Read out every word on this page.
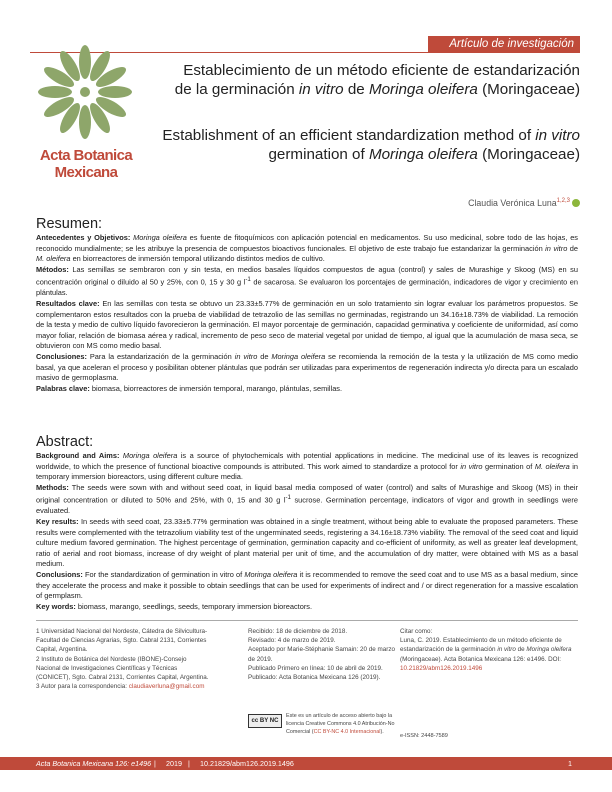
Artículo de investigación
Acta Botanica
Mexicana
Establecimiento de un método eficiente de estandarización de la germinación in vitro de Moringa oleifera (Moringaceae)
Establishment of an efficient standardization method of in vitro germination of Moringa oleifera (Moringaceae)
Claudia Verónica Luna$^{1,2,3}$
Resumen:

Antecedentes y Objetivos: Moringa oleifera es fuente de fitoquímicos con aplicación potencial en medicamentos. Su uso medicinal, sobre todo de las hojas, es reconocido mundialmente; se les atribuye la presencia de compuestos bioactivos funcionales. El objetivo de este trabajo fue estandarizar la germinación in vitro de M. oleifera en biorreactores de inmersión temporal utilizando distintos medios de cultivo.

Métodos: Las semillas se sembraron con y sin testa, en medios basales líquidos compuestos de agua (control) y sales de Murashige y Skoog (MS) en su concentración original o diluido al 50 y 25%, con 0, 15 y 30 g $l^{-1}$ de sacarosa. Se evaluaron los porcentajes de germinación, indicadores de vigor y crecimiento en plántulas.

Resultados clave: En las semillas con testa se obtuvo un 23.33±5.77% de germinación en un solo tratamiento sin lograr evaluar los parámetros propuestos. Se complementaron estos resultados con la prueba de viabilidad de tetrazolio de las semillas no germinadas, registrando un 34.16±18.73% de viabilidad. La remoción de la testa y medio de cultivo líquido favorecieron la germinación. El mayor porcentaje de germinación, capacidad germinativa y coeficiente de uniformidad, así como mayor foliar, relación de biomasa aérea y radical, incremento de peso seco de material vegetal por unidad de tiempo, al igual que la acumulación de masa seca, se obtuvieron con MS como medio basal.

Conclusiones: Para la estandarización de la germinación in vitro de Moringa oleifera se recomienda la remoción de la testa y la utilización de MS como medio basal, ya que aceleran el proceso y posibilitan obtener plántulas que podrán ser utilizadas para experimentos de regeneración indirecta y/o directa para un escalado masivo de germoplasma.

Palabras clave: biomasa, biorreactores de inmersión temporal, marango, plántulas, semillas.

Abstract:

Background and Aims: Moringa oleifera is a source of phytochemicals with potential applications in medicine. The medicinal use of its leaves is recognized worldwide, to which the presence of functional bioactive compounds is attributed. This work aimed to standardize a protocol for in vitro germination of M. oleifera in temporary immersion bioreactors, using different culture media.

Methods: The seeds were sown with and without seed coat, in liquid basal media composed of water (control) and salts of Murashige and Skoog (MS) in their original concentration or diluted to 50% and 25%, with 0, 15 and 30 g $l^{-1}$ sucrose. Germination percentage, indicators of vigor and growth in seedlings were evaluated.

Key results: In seeds with seed coat, 23.33±5.77% germination was obtained in a single treatment, without being able to evaluate the proposed parameters. These results were complemented with the tetrazolium viability test of the ungerminated seeds, registering a 34.16±18.73% viability. The removal of the seed coat and liquid culture medium favored germination. The highest percentage of germination, germination capacity and co-efficient of uniformity, as well as greater leaf development, ratio of aerial and root biomass, increase of dry weight of plant material per unit of time, and the accumulation of dry matter, were obtained with MS as a basal medium.

Conclusions: For the standardization of germination in vitro of Moringa oleifera it is recommended to remove the seed coat and to use MS as a basal medium, since they accelerate the process and make it possible to obtain seedlings that can be used for experiments of indirect and / or direct regeneration for a massive escalation of germplasm.

Key words: biomass, marango, seedlings, seeds, temporary immersion bioreactors.

1 Universidad Nacional del Nordeste, Cátedra de Silvicultura-Facultad de Ciencias Agrarias, Sgto. Cabral 2131, Corrientes Capital, Argentina.

2 Instituto de Botánica del Nordeste (IBONE)-Consejo Nacional de Investigaciones Científicas y Técnicas (CONICET), Sgto. Cabral 2131, Corrientes Capital, Argentina.

3 Autor para la correspondencia: claudiaverluna@gmail.com

Recibido: 18 de diciembre de 2018.

Revisado: 4 de marzo de 2019.

Aceptado por Marie-Stéphanie Samain: 20 de marzo de 2019.

Publicado Primero en línea: 10 de abril de 2019.

Publicado: Acta Botanica Mexicana 126 (2019).

Citar como:

Luna, C. 2019. Establecimiento de un método eficiente de estandarización de la germinación in vitro de Moringa oleifera (Moringaceae). Acta Botanica Mexicana 126: e1496. DOI: 10.21829/abm126.2019.1496

cc BY NC
Este es un artículo de acceso abierto bajo la licencia Creative Commons 4.0 Atribución-No Comercial (CC BY-NC 4.0 Internacional).
e-ISSN: 2448-7589
Acta Botanica Mexicana 126: e1496 | 2019 | 10.21829/abm126.2019.1496	1
